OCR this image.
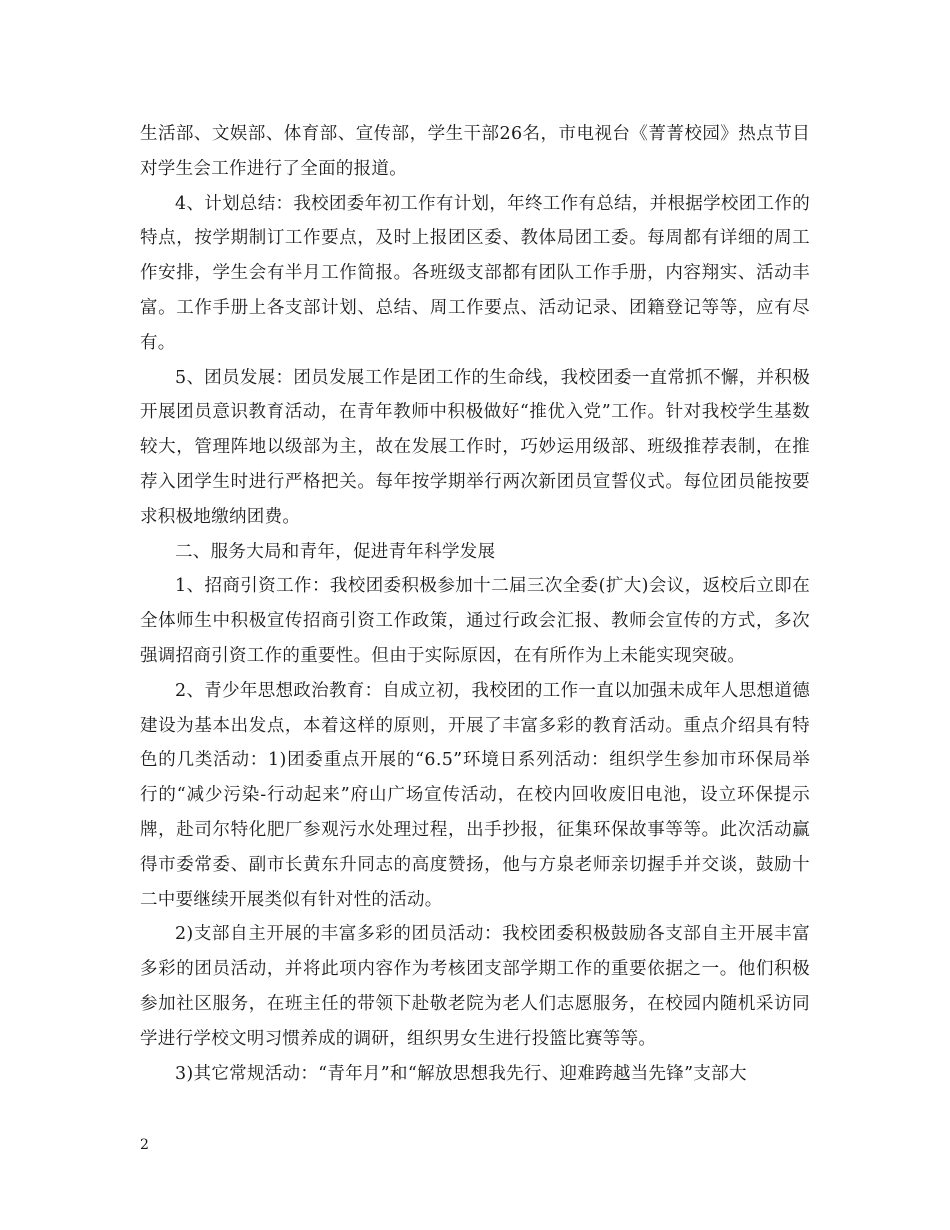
生活部、文娱部、体育部、宣传部，学生干部26名，市电视台《菁菁校园》热点节目对学生会工作进行了全面的报道。

4、计划总结：我校团委年初工作有计划，年终工作有总结，并根据学校团工作的特点，按学期制订工作要点，及时上报团区委、教体局团工委。每周都有详细的周工作安排，学生会有半月工作简报。各班级支部都有团队工作手册，内容翔实、活动丰富。工作手册上各支部计划、总结、周工作要点、活动记录、团籍登记等等，应有尽有。

5、团员发展：团员发展工作是团工作的生命线，我校团委一直常抓不懈，并积极开展团员意识教育活动，在青年教师中积极做好“推优入党”工作。针对我校学生基数较大，管理阵地以级部为主，故在发展工作时，巧妙运用级部、班级推荐表制，在推荐入团学生时进行严格把关。每年按学期举行两次新团员宣誓仪式。每位团员能按要求积极地缴纳团费。

二、服务大局和青年，促进青年科学发展

1、招商引资工作：我校团委积极参加十二届三次全委(扩大)会议，返校后立即在全体师生中积极宣传招商引资工作政策，通过行政会汇报、教师会宣传的方式，多次强调招商引资工作的重要性。但由于实际原因，在有所作为上未能实现突破。

2、青少年思想政治教育：自成立初，我校团的工作一直以加强未成年人思想道德建设为基本出发点，本着这样的原则，开展了丰富多彩的教育活动。重点介绍具有特色的几类活动：1)团委重点开展的“6.5”环境日系列活动：组织学生参加市环保局举行的“减少污染-行动起来”府山广场宣传活动，在校内回收废旧电池，设立环保提示牌，赴司尔特化肥厂参观污水处理过程，出手抄报，征集环保故事等等。此次活动赢得市委常委、副市长黄东升同志的高度赞扬，他与方泉老师亲切握手并交谈，鼓励十二中要继续开展类似有针对性的活动。

2)支部自主开展的丰富多彩的团员活动：我校团委积极鼓励各支部自主开展丰富多彩的团员活动，并将此项内容作为考核团支部学期工作的重要依据之一。他们积极参加社区服务，在班主任的带领下赴敬老院为老人们志愿服务，在校园内随机采访同学进行学校文明习惯养成的调研，组织男女生进行投篮比赛等等。

3)其它常规活动：“青年月”和“解放思想我先行、迎难跨越当先锋”支部大

2
